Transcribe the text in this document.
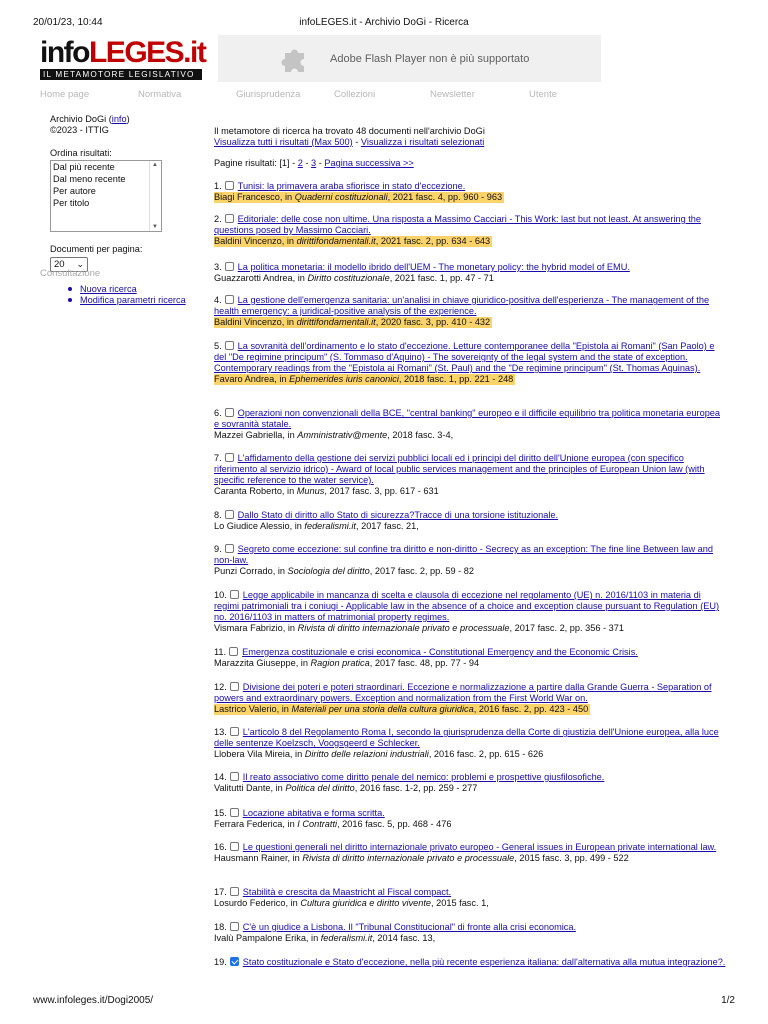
20/01/23, 10:44	infoLEGES.it - Archivio DoGi - Ricerca
infoLEGES.it
IL METAMOTORE LEGISLATIVO
Adobe Flash Player non è più supportato
Home page	Normativa	Giurisprudenza	Collezioni	Newsletter	Utente
Archivio DoGi (info)
©2023 - ITTIG
Ordina risultati:
Dal più recente
Dal meno recente
Per autore
Per titolo
▲
▼
Documenti per pagina:
20 ⌄
Consultazione
Nuova ricerca
Modifica parametri ricerca
Il metamotore di ricerca ha trovato 48 documenti nell'archivio DoGi
Visualizza tutti i risultati (Max 500) - Visualizza i risultati selezionati
Pagine risultati: [1] - 2 - 3 - Pagina successiva >>
1. Tunisi: la primavera araba sfiorisce in stato d'eccezione.
Biagi Francesco, in Quaderni costituzionali, 2021 fasc. 4, pp. 960 - 963
2. Editoriale: delle cose non ultime. Una risposta a Massimo Cacciari - This Work: last but not least. At answering the questions posed by Massimo Cacciari.
Baldini Vincenzo, in dirittifondamentali.it, 2021 fasc. 2, pp. 634 - 643
3. La politica monetaria: il modello ibrido dell'UEM - The monetary policy: the hybrid model of EMU.
Guazzarotti Andrea, in Diritto costituzionale, 2021 fasc. 1, pp. 47 - 71
4. La gestione dell'emergenza sanitaria: un'analisi in chiave giuridico-positiva dell'esperienza - The management of the health emergency: a juridical-positive analysis of the experience.
Baldini Vincenzo, in dirittifondamentali.it, 2020 fasc. 3, pp. 410 - 432
5. La sovranità dell'ordinamento e lo stato d'eccezione. Letture contemporanee della "Epistola ai Romani" (San Paolo) e del "De regimine principum" (S. Tommaso d'Aquino) - The sovereignty of the legal system and the state of exception. Contemporary readings from the "Epistola ai Romani" (St. Paul) and the "De regimine principum" (St. Thomas Aquinas).
Favaro Andrea, in Ephemerides iuris canonici, 2018 fasc. 1, pp. 221 - 248
6. Operazioni non convenzionali della BCE, "central banking" europeo e il difficile equilibrio tra politica monetaria europea e sovranità statale.
Mazzei Gabriella, in Amministrativ@mente, 2018 fasc. 3-4,
7. L'affidamento della gestione dei servizi pubblici locali ed i principi del diritto dell'Unione europea (con specifico riferimento al servizio idrico) - Award of local public services management and the principles of European Union law (with specific reference to the water service).
Caranta Roberto, in Munus, 2017 fasc. 3, pp. 617 - 631
8. Dallo Stato di diritto allo Stato di sicurezza?Tracce di una torsione istituzionale.
Lo Giudice Alessio, in federalismi.it, 2017 fasc. 21,
9. Segreto come eccezione: sul confine tra diritto e non-diritto - Secrecy as an exception: The fine line Between law and non-law.
Punzi Corrado, in Sociologia del diritto, 2017 fasc. 2, pp. 59 - 82
10. Legge applicabile in mancanza di scelta e clausola di eccezione nel regolamento (UE) n. 2016/1103 in materia di regimi patrimoniali tra i coniugi - Applicable law in the absence of a choice and exception clause pursuant to Regulation (EU) no. 2016/1103 in matters of matrimonial property regimes.
Vismara Fabrizio, in Rivista di diritto internazionale privato e processuale, 2017 fasc. 2, pp. 356 - 371
11. Emergenza costituzionale e crisi economica - Constitutional Emergency and the Economic Crisis.
Marazzita Giuseppe, in Ragion pratica, 2017 fasc. 48, pp. 77 - 94
12. Divisione dei poteri e poteri straordinari. Eccezione e normalizzazione a partire dalla Grande Guerra - Separation of powers and extraordinary powers. Exception and normalization from the First World War on.
Lastrico Valerio, in Materiali per una storia della cultura giuridica, 2016 fasc. 2, pp. 423 - 450
13. L'articolo 8 del Regolamento Roma I, secondo la giurisprudenza della Corte di giustizia dell'Unione europea, alla luce delle sentenze Koelzsch, Voogsgeerd e Schlecker.
Llobera Vila Mireia, in Diritto delle relazioni industriali, 2016 fasc. 2, pp. 615 - 626
14. Il reato associativo come diritto penale del nemico: problemi e prospettive giusfilosofiche.
Valitutti Dante, in Politica del diritto, 2016 fasc. 1-2, pp. 259 - 277
15. Locazione abitativa e forma scritta.
Ferrara Federica, in I Contratti, 2016 fasc. 5, pp. 468 - 476
16. Le questioni generali nel diritto internazionale privato europeo - General issues in European private international law.
Hausmann Rainer, in Rivista di diritto internazionale privato e processuale, 2015 fasc. 3, pp. 499 - 522
17. Stabilità e crescita da Maastricht al Fiscal compact.
Losurdo Federico, in Cultura giuridica e diritto vivente, 2015 fasc. 1,
18. C'è un giudice a Lisbona. Il "Tribunal Constitucional" di fronte alla crisi economica.
Ivalù Pampalone Erika, in federalismi.it, 2014 fasc. 13,
19. Stato costituzionale e Stato d'eccezione, nella più recente esperienza italiana: dall'alternativa alla mutua integrazione?.
www.infoleges.it/Dogi2005/	1/2
